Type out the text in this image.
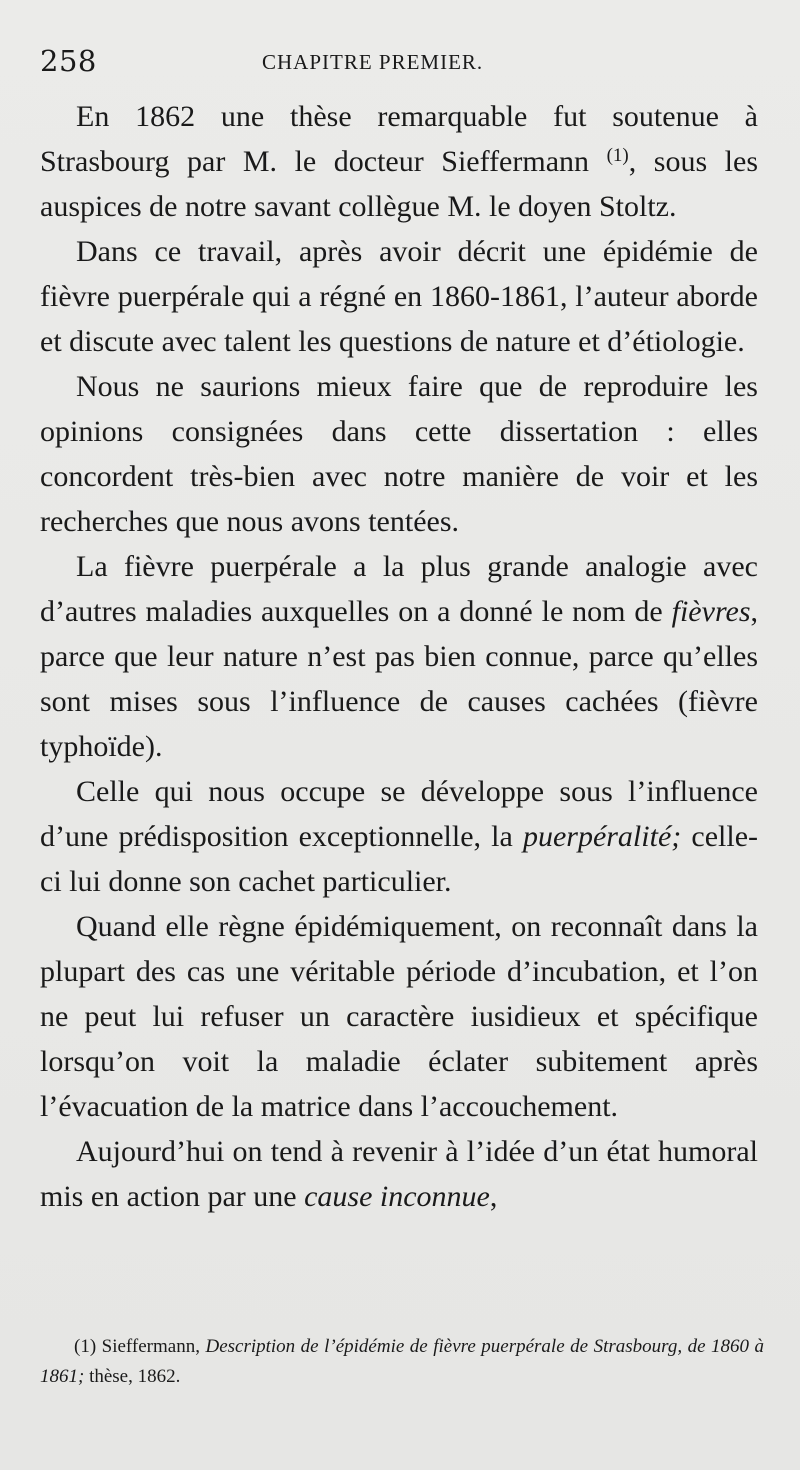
258	CHAPITRE PREMIER.

En 1862 une thèse remarquable fut soutenue à Strasbourg par M. le docteur Sieffermann $^{(1)}$, sous les auspices de notre savant collègue M. le doyen Stoltz.

Dans ce travail, après avoir décrit une épidémie de fièvre puerpérale qui a régné en 1860-1861, l’auteur aborde et discute avec talent les questions de nature et d’étiologie.

Nous ne saurions mieux faire que de reproduire les opinions consignées dans cette dissertation : elles concordent très-bien avec notre manière de voir et les recherches que nous avons tentées.

La fièvre puerpérale a la plus grande analogie avec d’autres maladies auxquelles on a donné le nom de fièvres, parce que leur nature n’est pas bien connue, parce qu’elles sont mises sous l’influence de causes cachées (fièvre typhoïde).

Celle qui nous occupe se développe sous l’influence d’une prédisposition exceptionnelle, la puerpéralité; celle-ci lui donne son cachet particulier.

Quand elle règne épidémiquement, on reconnaît dans la plupart des cas une véritable période d’incubation, et l’on ne peut lui refuser un caractère iusidieux et spécifique lorsqu’on voit la maladie éclater subitement après l’évacuation de la matrice dans l’accouchement.

Aujourd’hui on tend à revenir à l’idée d’un état humoral mis en action par une cause inconnue,

(1) Sieffermann, Description de l’épidémie de fièvre puerpérale de Strasbourg, de 1860 à 1861; thèse, 1862.
